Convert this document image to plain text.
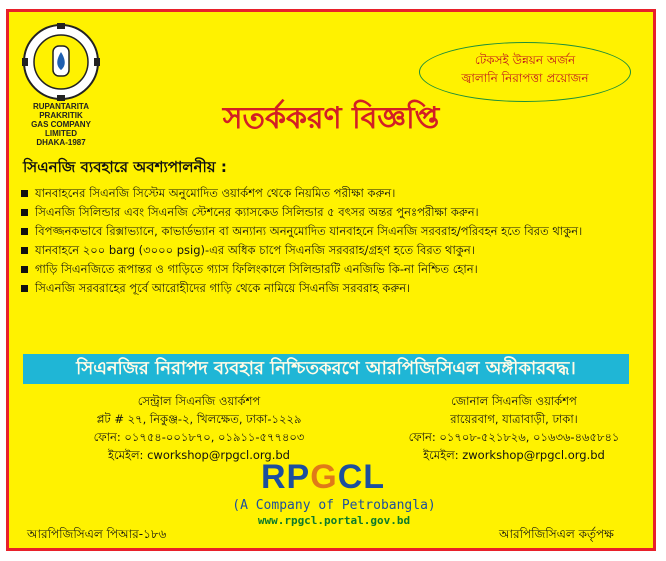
RUPANTARITA PRAKRITIK
GAS COMPANY LIMITED
DHAKA-1987
টেকসই উন্নয়ন অর্জন
জ্বালানি নিরাপত্তা প্রয়োজন
সতর্ককরণ বিজ্ঞপ্তি
সিএনজি ব্যবহারে অবশ্যপালনীয় :
যানবাহনের সিএনজি সিস্টেম অনুমোদিত ওয়ার্কশপ থেকে নিয়মিত পরীক্ষা করুন।
সিএনজি সিলিন্ডার এবং সিএনজি স্টেশনের ক্যাসকেড সিলিন্ডার ৫ বৎসর অন্তর পুনঃপরীক্ষা করুন।
বিপজ্জনকভাবে রিক্সাভ্যানে, কাভার্ডভ্যান বা অন্যান্য অননুমোদিত যানবাহনে সিএনজি সরবরাহ/পরিবহন হতে বিরত থাকুন।
যানবাহনে ২০০ barg (৩০০০ psig)-এর অধিক চাপে সিএনজি সরবরাহ/গ্রহণ হতে বিরত থাকুন।
গাড়ি সিএনজিতে রূপান্তর ও গাড়িতে গ্যাস ফিলিংকালে সিলিন্ডারটি এনজিভি কি-না নিশ্চিত হোন।
সিএনজি সরবরাহের পূর্বে আরোহীদের গাড়ি থেকে নামিয়ে সিএনজি সরবরাহ করুন।
সিএনজির নিরাপদ ব্যবহার নিশ্চিতকরণে আরপিজিসিএল অঙ্গীকারবদ্ধ।
সেন্ট্রাল সিএনজি ওয়ার্কশপ
প্লট # ২৭, নিকুঞ্জ-২, খিলক্ষেত, ঢাকা-১২২৯
ফোন: ০১৭৫৪-০০১৮৭০, ০১৯১১-৫৭৭৪০৩
ইমেইল: cworkshop@rpgcl.org.bd
জোনাল সিএনজি ওয়ার্কশপ
রায়েরবাগ, যাত্রাবাড়ী, ঢাকা।
ফোন: ০১৭০৮-৫২১৮২৬, ০১৬৩৬-৪৬৫৮৪১
ইমেইল: zworkshop@rpgcl.org.bd
RPGCL
(A Company of Petrobangla)
www.rpgcl.portal.gov.bd
আরপিজিসিএল পিআর-১৮৬	আরপিজিসিএল কর্তৃপক্ষ
